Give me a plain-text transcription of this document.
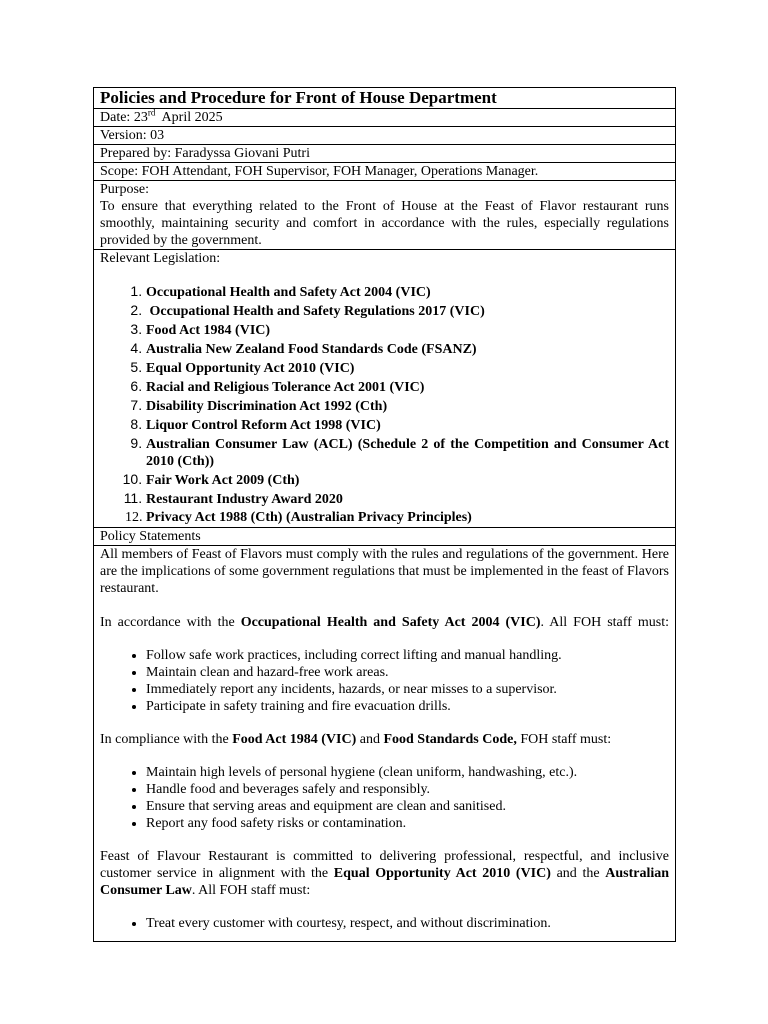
Policies and Procedure for Front of House Department
Date: 23rd  April 2025
Version: 03
Prepared by: Faradyssa Giovani Putri
Scope: FOH Attendant, FOH Supervisor, FOH Manager, Operations Manager.

Purpose:

To ensure that everything related to the Front of House at the Feast of Flavor restaurant runs smoothly, maintaining security and comfort in accordance with the rules, especially regulations provided by the government.

Relevant Legislation:

1. Occupational Health and Safety Act 2004 (VIC)
2.  Occupational Health and Safety Regulations 2017 (VIC)
3. Food Act 1984 (VIC)
4. Australia New Zealand Food Standards Code (FSANZ)
5. Equal Opportunity Act 2010 (VIC)
6. Racial and Religious Tolerance Act 2001 (VIC)
7. Disability Discrimination Act 1992 (Cth)
8. Liquor Control Reform Act 1998 (VIC)
9. Australian Consumer Law (ACL) (Schedule 2 of the Competition and Consumer Act 2010 (Cth))
10. Fair Work Act 2009 (Cth)
11. Restaurant Industry Award 2020
12. Privacy Act 1988 (Cth) (Australian Privacy Principles)

Policy Statements

All members of Feast of Flavors must comply with the rules and regulations of the government. Here are the implications of some government regulations that must be implemented in the feast of Flavors restaurant.

In accordance with the Occupational Health and Safety Act 2004 (VIC). All FOH staff must:

• Follow safe work practices, including correct lifting and manual handling.
• Maintain clean and hazard-free work areas.
• Immediately report any incidents, hazards, or near misses to a supervisor.
• Participate in safety training and fire evacuation drills.

In compliance with the Food Act 1984 (VIC) and Food Standards Code, FOH staff must:

• Maintain high levels of personal hygiene (clean uniform, handwashing, etc.).
• Handle food and beverages safely and responsibly.
• Ensure that serving areas and equipment are clean and sanitised.
• Report any food safety risks or contamination.

Feast of Flavour Restaurant is committed to delivering professional, respectful, and inclusive customer service in alignment with the Equal Opportunity Act 2010 (VIC) and the Australian Consumer Law. All FOH staff must:

• Treat every customer with courtesy, respect, and without discrimination.
